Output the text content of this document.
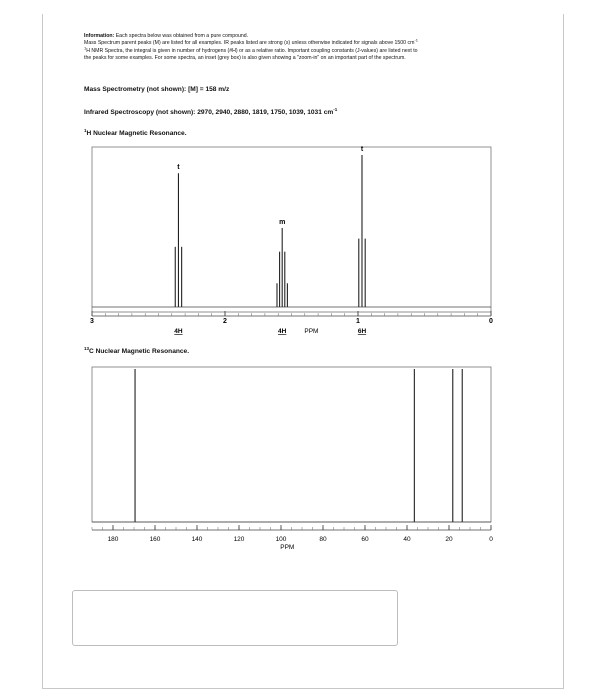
Information: Each spectra below was obtained from a pure compound.
Mass Spectrum parent peaks (M) are listed for all examples. IR peaks listed are strong (s) unless otherwise indicated for signals above 1500 $cm^{-1}$
$^1$H NMR Spectra, the integral is given in number of hydrogens (#H) or as a relative ratio. Important coupling constants (J-values) are listed next to
the peaks for some examples. For some spectra, an inset (grey box) is also given showing a "zoom-in" on an important part of the spectrum.
Mass Spectrometry (not shown): [M] = 158 m/z
Infrared Spectroscopy (not shown): 2970, 2940, 2880, 1819, 1750, 1039, 1031 $cm^{-1}$
$^1$H Nuclear Magnetic Resonance.
$^{13}$C Nuclear Magnetic Resonance.
3	2	1	0
PPM
t
4H
m
4H
t
6H
180	160	140	120	100	80	60	40	20	0
PPM
